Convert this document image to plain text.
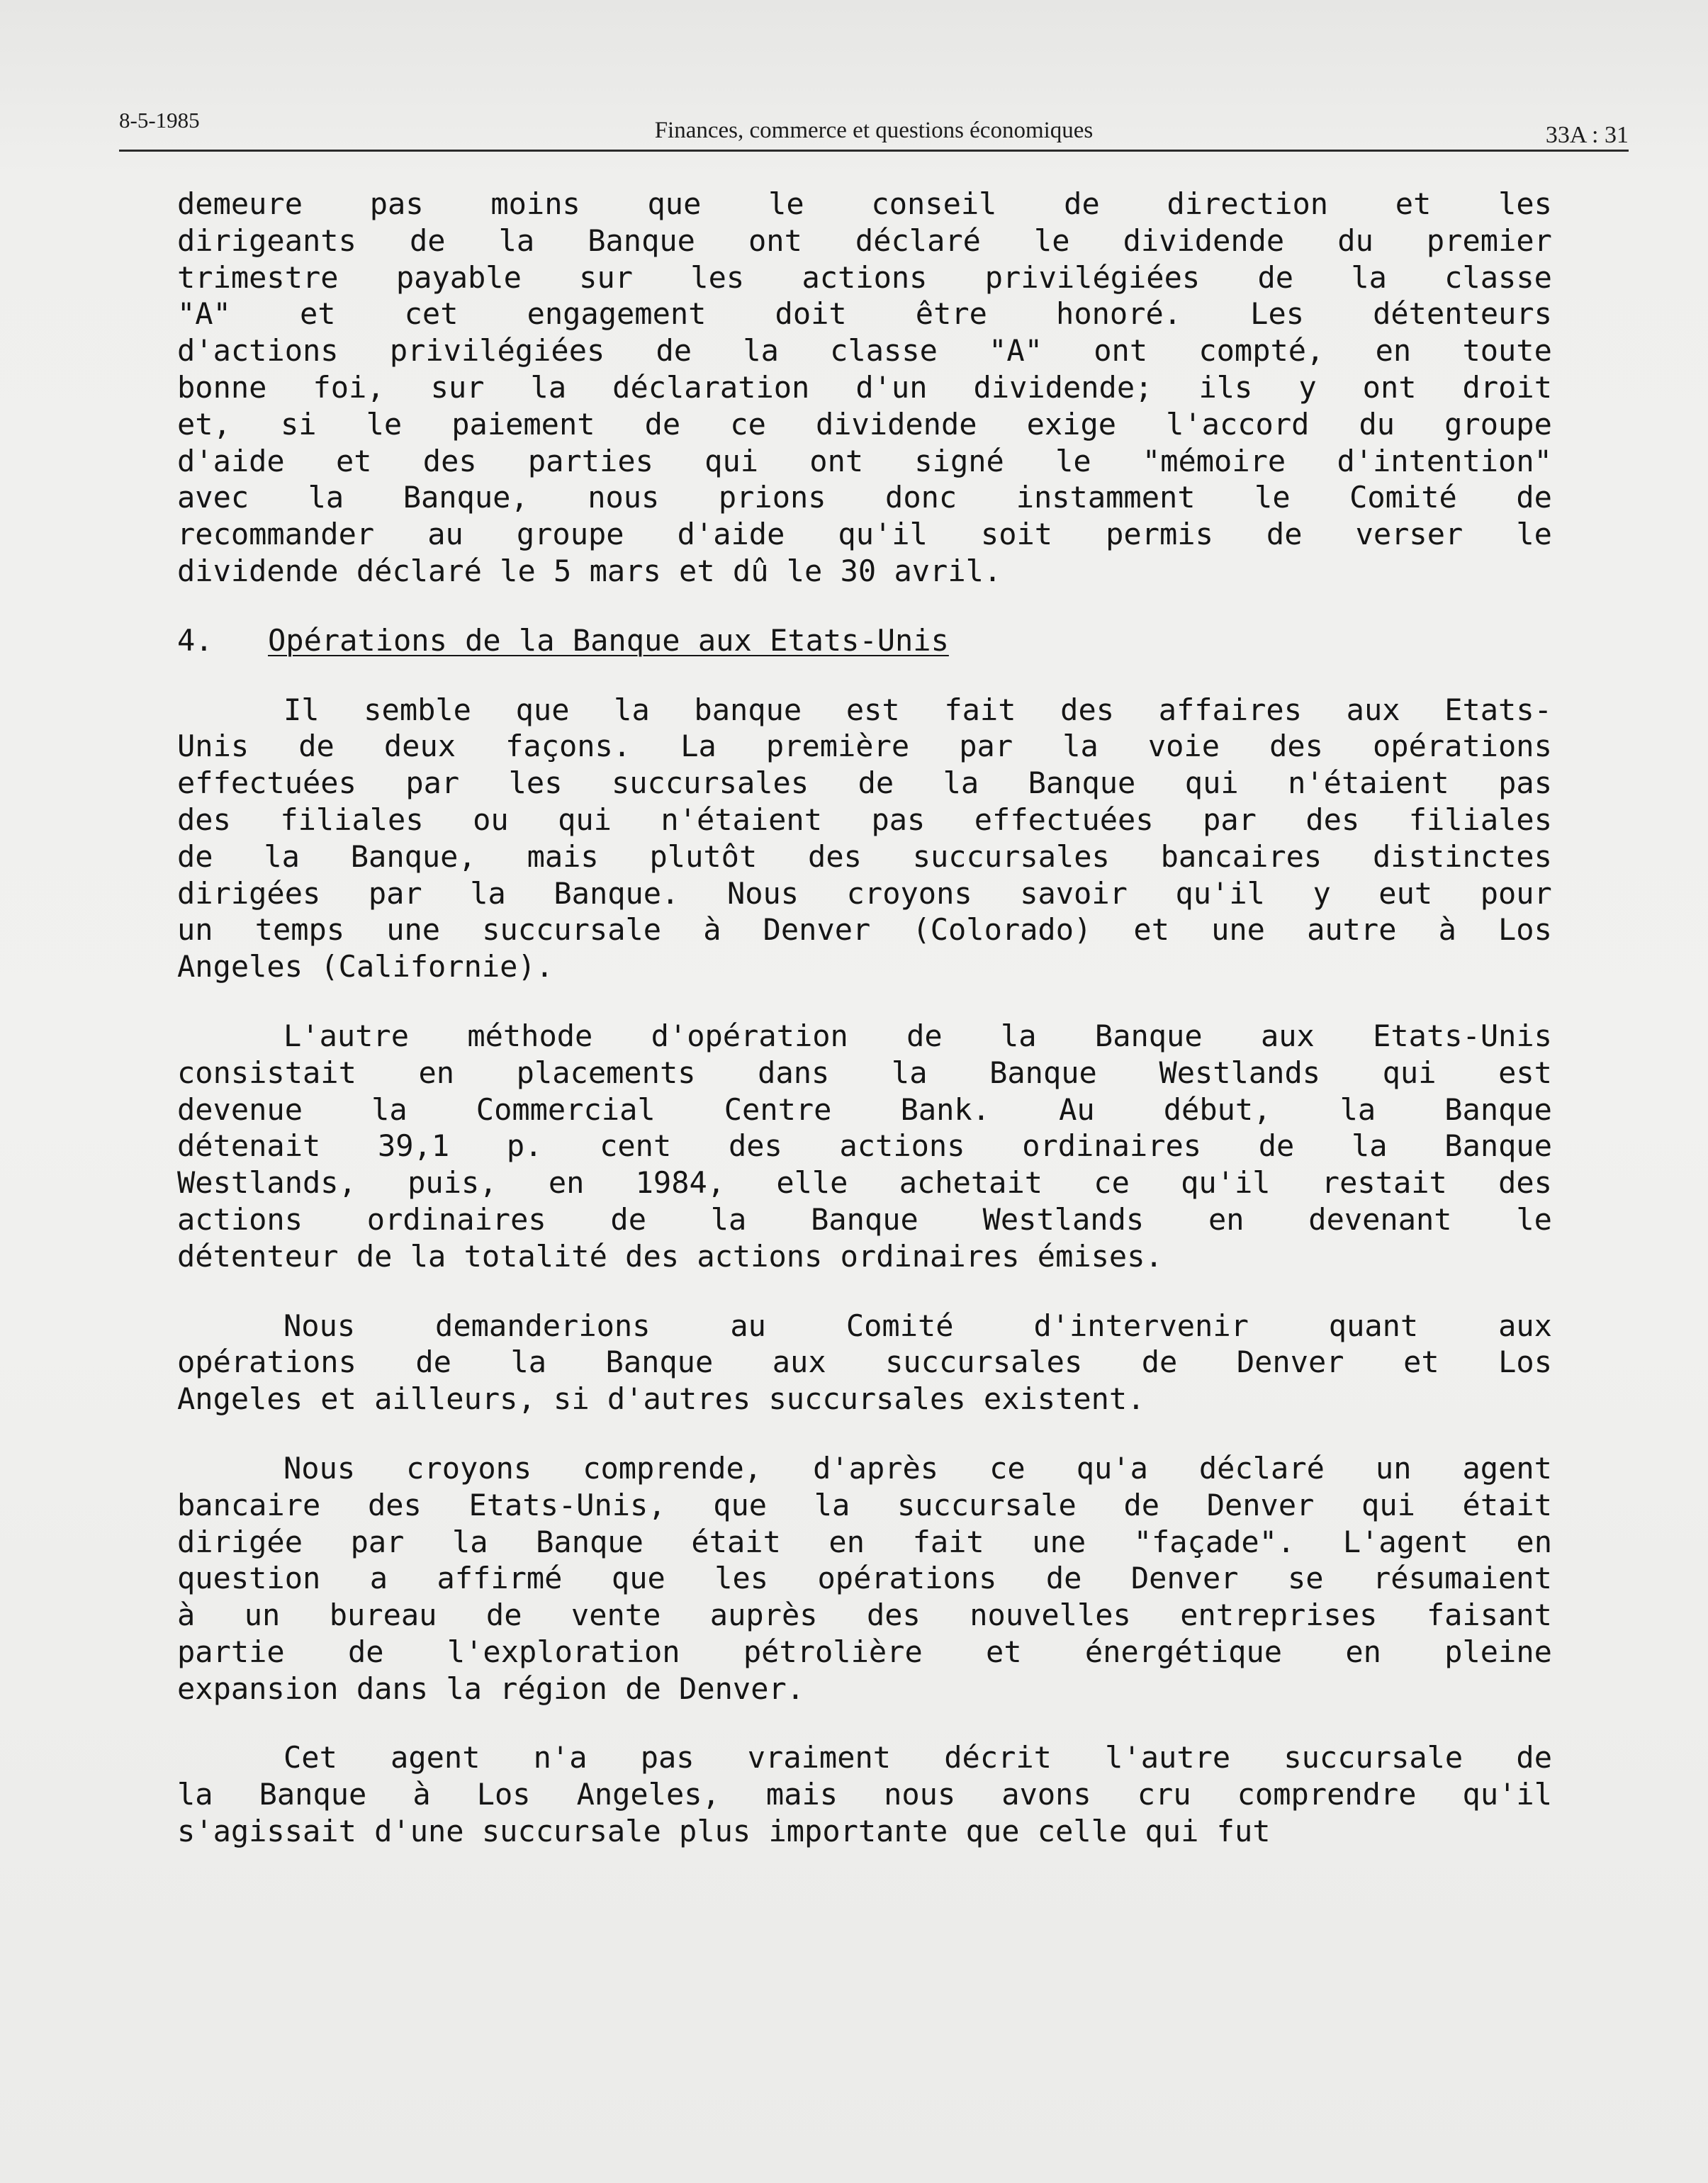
8-5-1985	Finances, commerce et questions économiques	33A : 31
demeure pas moins que le conseil de direction et les
dirigeants de la Banque ont déclaré le dividende du premier
trimestre payable sur les actions privilégiées de la classe
"A" et cet engagement doit être honoré. Les détenteurs
d'actions privilégiées de la classe "A" ont compté, en toute
bonne foi, sur la déclaration d'un dividende; ils y ont droit
et, si le paiement de ce dividende exige l'accord du groupe
d'aide et des parties qui ont signé le "mémoire d'intention"
avec la Banque, nous prions donc instamment le Comité de
recommander au groupe d'aide qu'il soit permis de verser le
dividende déclaré le 5 mars et dû le 30 avril.
4.	Opérations de la Banque aux Etats-Unis
Il semble que la banque est fait des affaires aux Etats-
Unis de deux façons. La première par la voie des opérations
effectuées par les succursales de la Banque qui n'étaient pas
des filiales ou qui n'étaient pas effectuées par des filiales
de la Banque, mais plutôt des succursales bancaires distinctes
dirigées par la Banque. Nous croyons savoir qu'il y eut pour
un temps une succursale à Denver (Colorado) et une autre à Los
Angeles (Californie).
L'autre méthode d'opération de la Banque aux Etats-Unis
consistait en placements dans la Banque Westlands qui est
devenue la Commercial Centre Bank. Au début, la Banque
détenait 39,1 p. cent des actions ordinaires de la Banque
Westlands, puis, en 1984, elle achetait ce qu'il restait des
actions ordinaires de la Banque Westlands en devenant le
détenteur de la totalité des actions ordinaires émises.
Nous	demanderions	au	Comité	d'intervenir	quant	aux
opérations de la Banque aux succursales de Denver et Los
Angeles et ailleurs, si d'autres succursales existent.
Nous croyons comprende, d'après ce qu'a déclaré un agent
bancaire des Etats-Unis, que la succursale de Denver qui était
dirigée par la Banque était en fait une "façade". L'agent en
question a affirmé que les opérations de Denver se résumaient
à un bureau de vente auprès des nouvelles entreprises faisant
partie de l'exploration pétrolière et énergétique en pleine
expansion dans la région de Denver.
Cet agent n'a pas vraiment décrit l'autre succursale de
la Banque à Los Angeles, mais nous avons cru comprendre qu'il
s'agissait d'une succursale plus importante que celle qui fut
